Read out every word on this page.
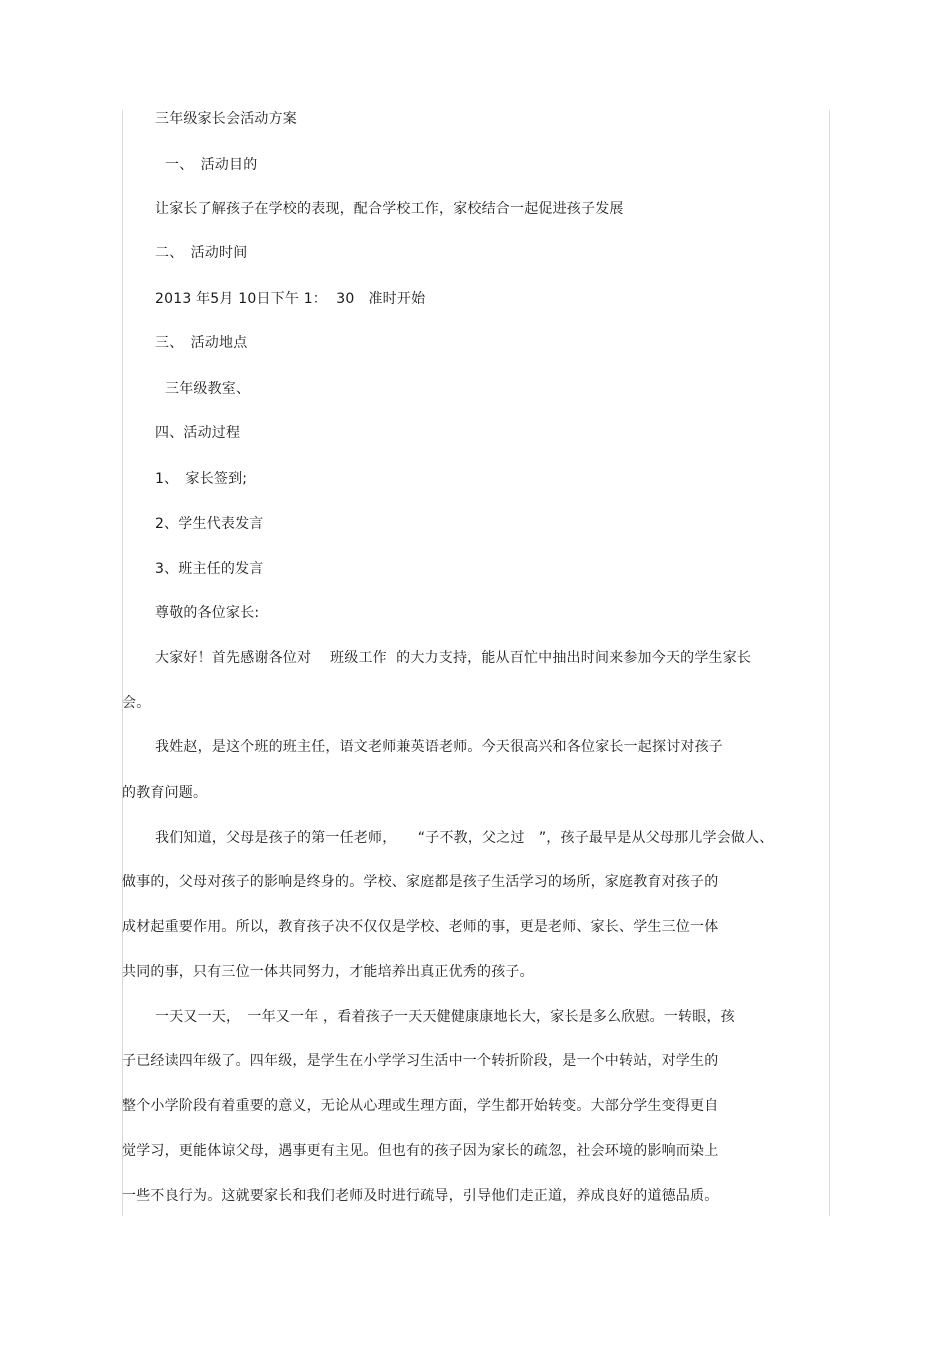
三年级家长会活动方案
一、　活动目的
让家长了解孩子在学校的表现，配合学校工作，家校结合一起促进孩子发展
二、　活动时间
2013 年5月 10日下午 1：  30   准时开始
三、　活动地点
三年级教室、
四、活动过程
1、　家长签到;
2、学生代表发言
3、班主任的发言
尊敬的各位家长:
大家好！首先感谢各位对　 班级工作  的大力支持，能从百忙中抽出时间来参加今天的学生家长
会。
我姓赵，是这个班的班主任，语文老师兼英语老师。今天很高兴和各位家长一起探讨对孩子
的教育问题。
我们知道，父母是孩子的第一任老师，　　“子不教，父之过　”，孩子最早是从父母那儿学会做人、
做事的，父母对孩子的影响是终身的。学校、家庭都是孩子生活学习的场所，家庭教育对孩子的
成材起重要作用。所以，教育孩子决不仅仅是学校、老师的事，更是老师、家长、学生三位一体
共同的事，只有三位一体共同努力，才能培养出真正优秀的孩子。
一天又一天，　一年又一年 ，看着孩子一天天健健康康地长大，家长是多么欣慰。一转眼，孩
子已经读四年级了。四年级，是学生在小学学习生活中一个转折阶段，是一个中转站，对学生的
整个小学阶段有着重要的意义，无论从心理或生理方面，学生都开始转变。大部分学生变得更自
觉学习，更能体谅父母，遇事更有主见。但也有的孩子因为家长的疏忽，社会环境的影响而染上
一些不良行为。这就要家长和我们老师及时进行疏导，引导他们走正道，养成良好的道德品质。
